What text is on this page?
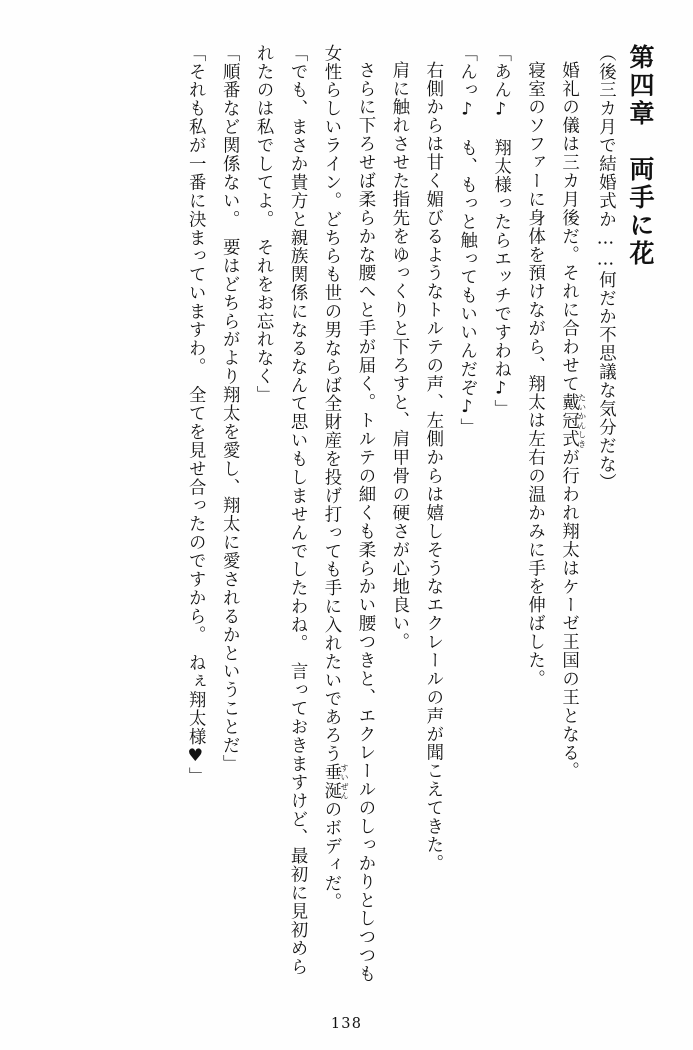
第四章　両手に花
（後三カ月で結婚式か……何だか不思議な気分だな）
婚礼の儀は三カ月後だ。それに合わせて戴冠式 たいかんしきが行われ翔太はケーゼ王国の王となる。
寝室のソファーに身体を預けながら、翔太は左右の温かみに手を伸ばした。
「あん♪　翔太様ったらエッチですわね♪」
「んっ♪　も、もっと触ってもいいんだぞ♪」
右側からは甘く媚びるようなトルテの声、左側からは嬉しそうなエクレールの声が聞こえてきた。
肩に触れさせた指先をゆっくりと下ろすと、肩甲骨の硬さが心地良い。
さらに下ろせば柔らかな腰へと手が届く。トルテの細くも柔らかい腰つきと、エクレールのしっかりとしつつも女性らしいライン。どちらも世の男ならば全財産を投げ打っても手に入れたいであろう垂涎 すいぜんのボディだ。
「でも、まさか貴方と親族関係になるなんて思いもしませんでしたわね。　言っておきますけど、最初に見初められたのは私でしてよ。　それをお忘れなく」
「順番など関係ない。　要はどちらがより翔太を愛し、翔太に愛されるかということだ」
「それも私が一番に決まっていますわ。　全てを見せ合ったのですから。　ねぇ翔太様♥」
138
